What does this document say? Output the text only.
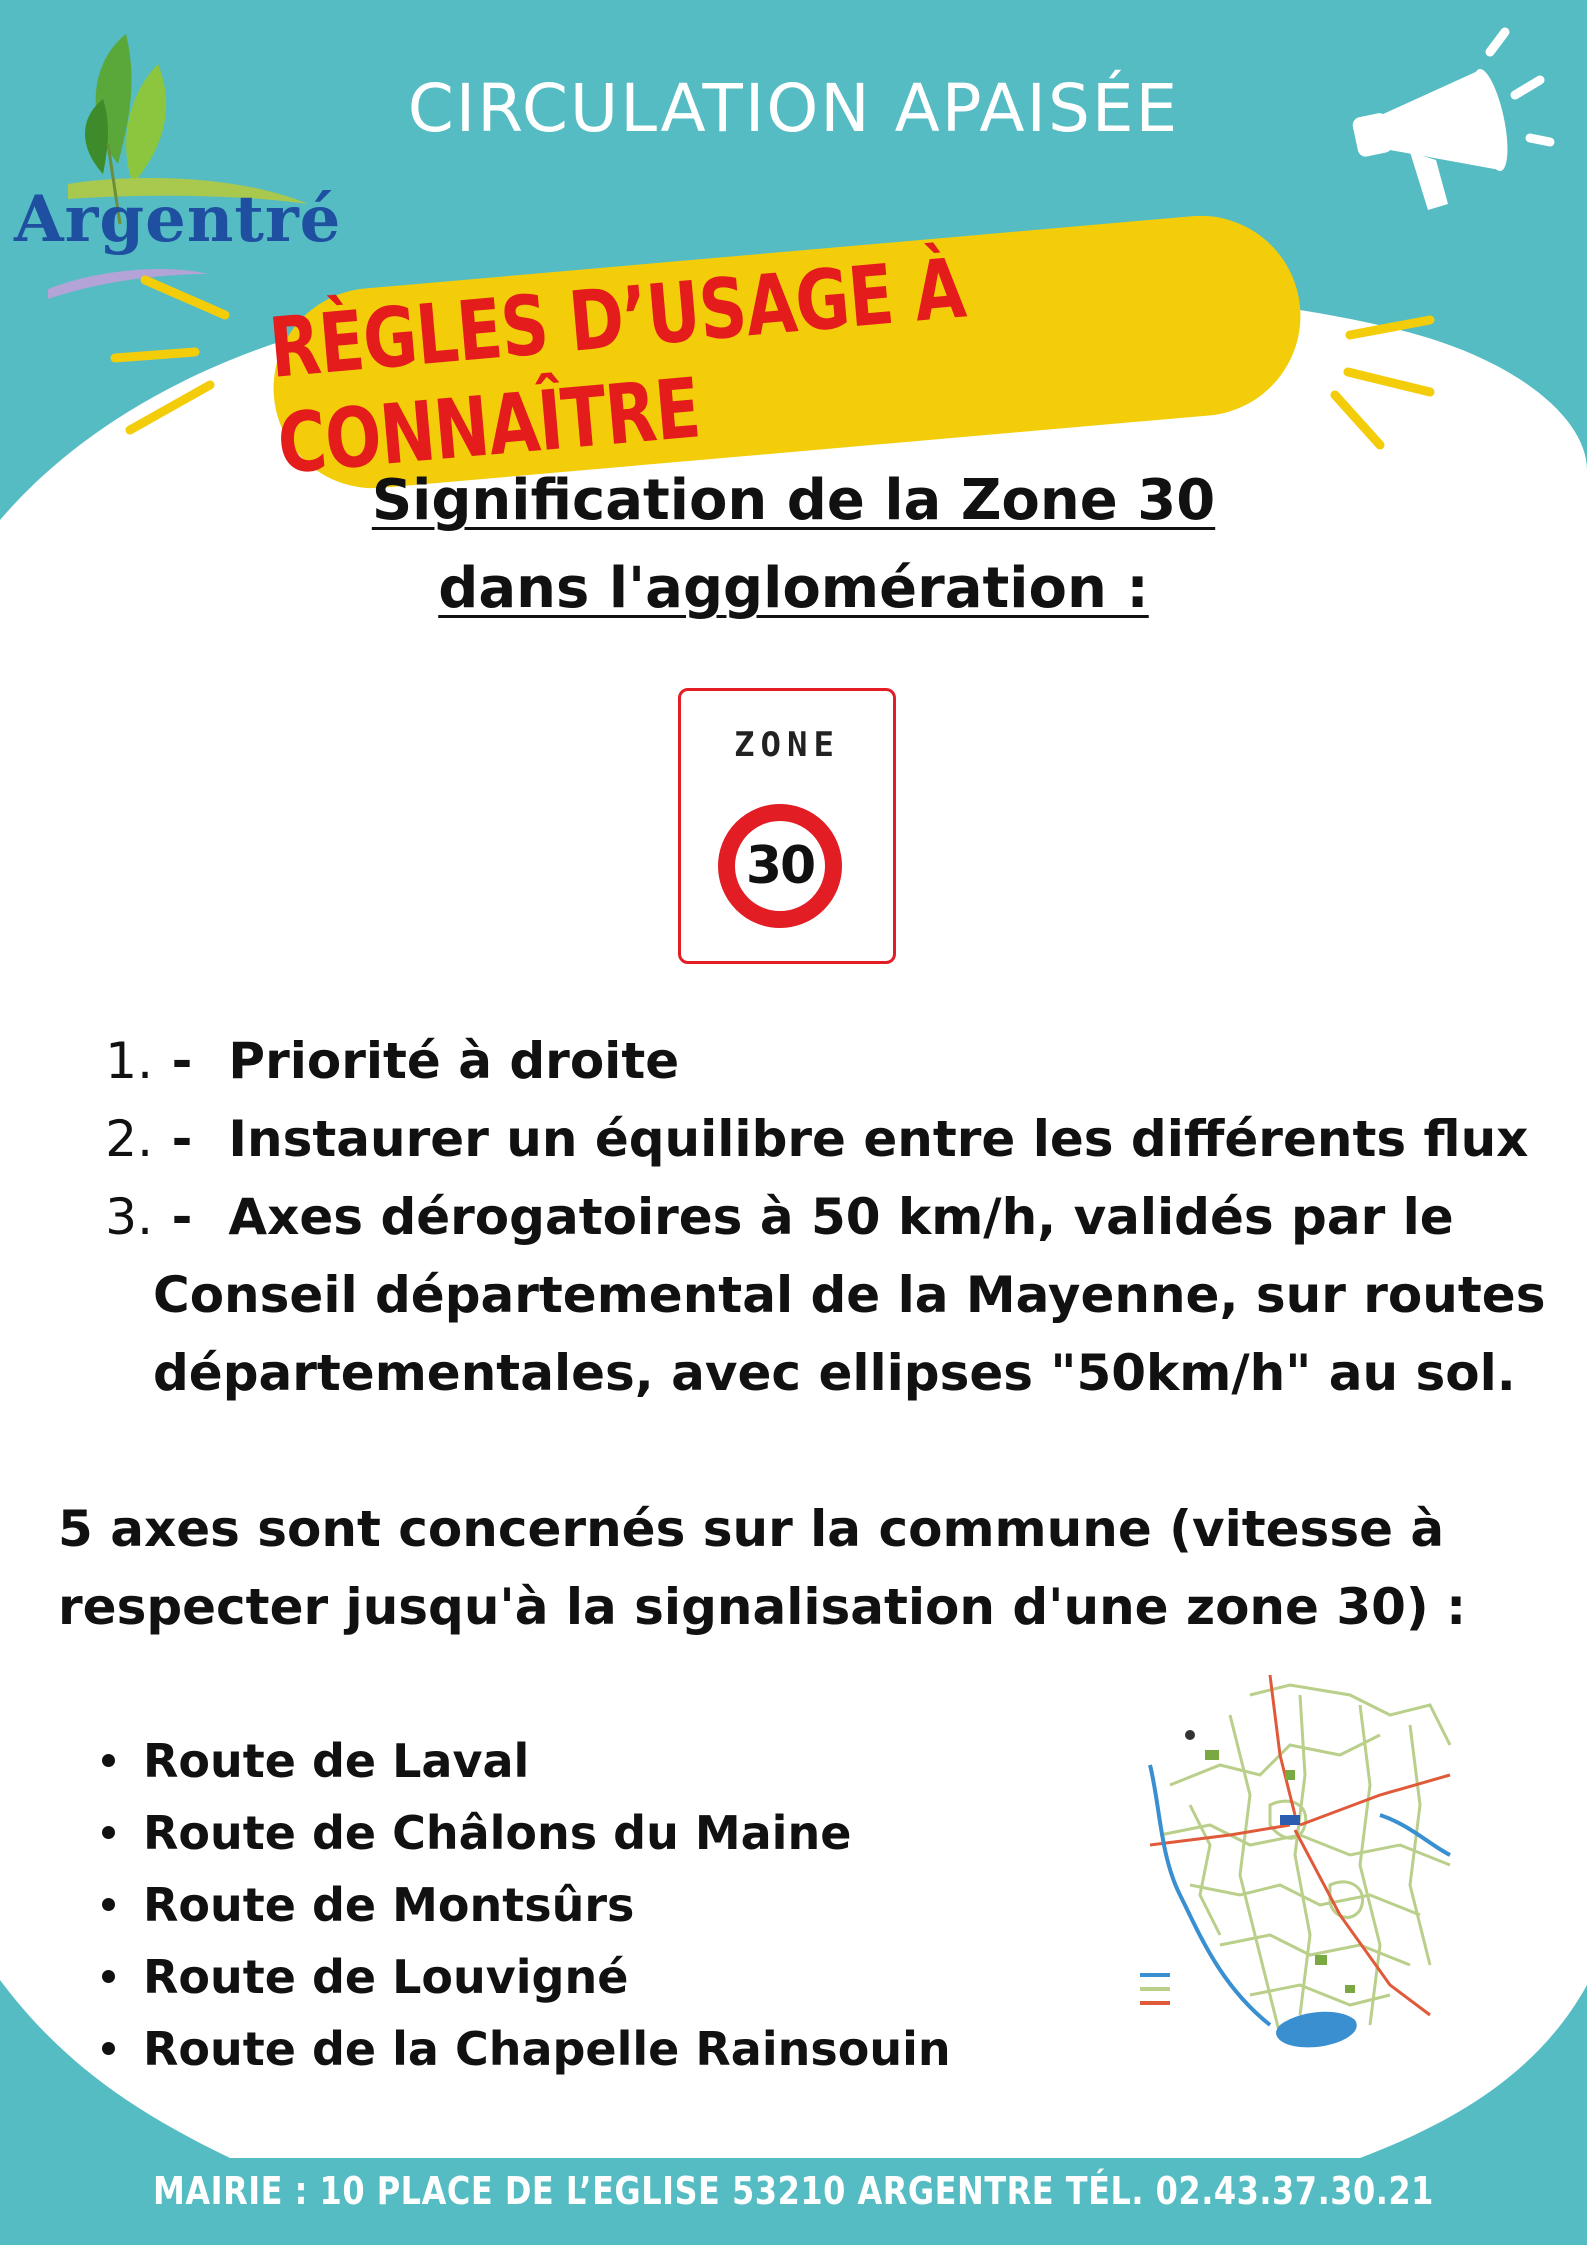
Argentré
CIRCULATION APAISÉE
RÈGLES D’USAGE À CONNAÎTRE
Signification de la Zone 30
dans l'agglomération :
ZONE
30
1. - Priorité à droite
2. - Instaurer un équilibre entre les différents flux
3. - Axes dérogatoires à 50 km/h, validés par le
Conseil départemental de la Mayenne, sur routes
départementales, avec ellipses "50km/h" au sol.
5 axes sont concernés sur la commune (vitesse à
respecter jusqu'à la signalisation d'une zone 30) :
Route de Laval
Route de Châlons du Maine
Route de Montsûrs
Route de Louvigné
Route de la Chapelle Rainsouin
MAIRIE : 10 PLACE DE L’EGLISE 53210 ARGENTRE TÉL. 02.43.37.30.21
